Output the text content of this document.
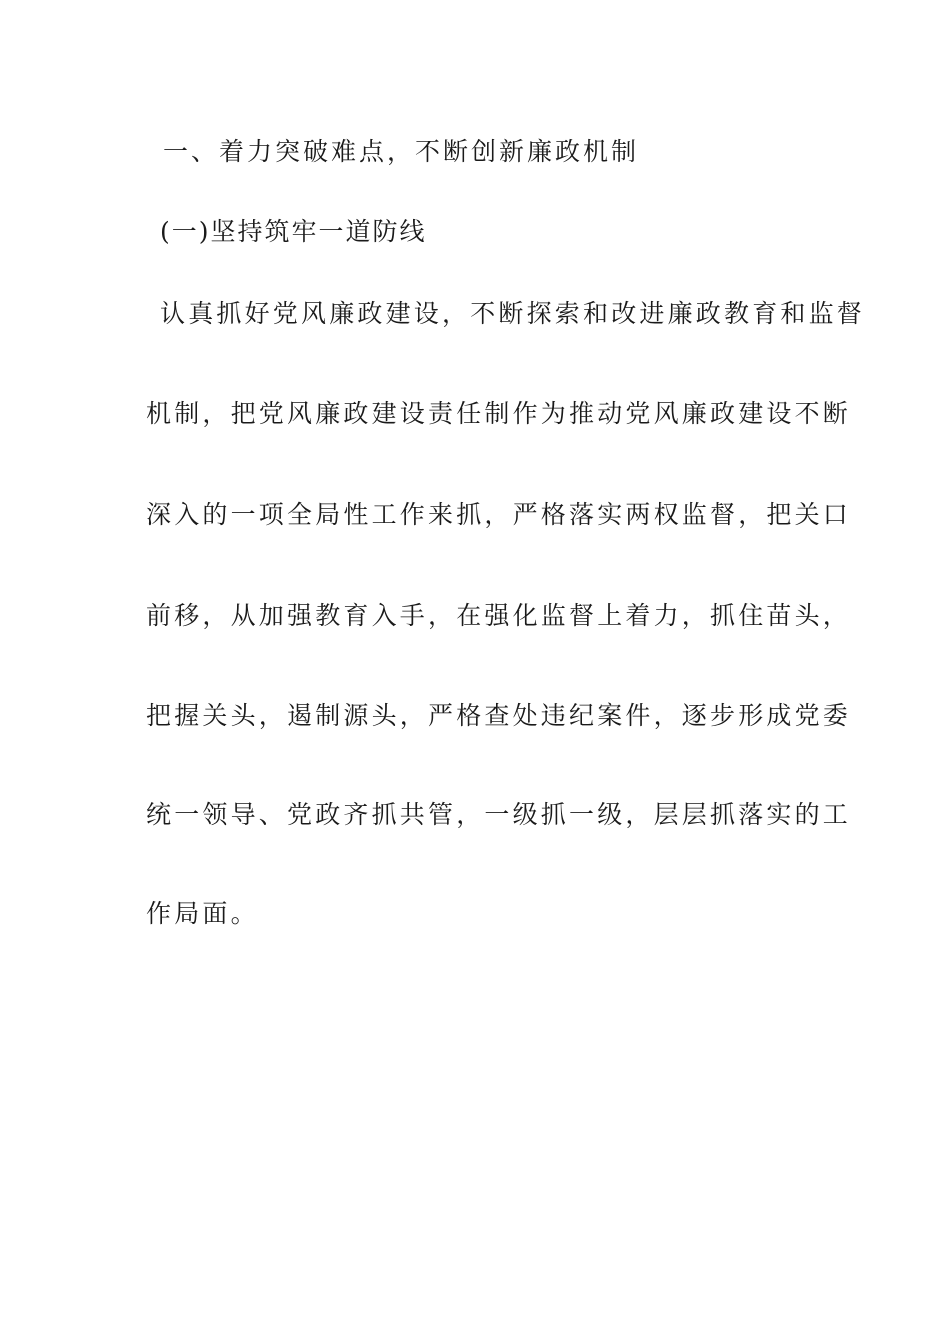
一、着力突破难点，不断创新廉政机制
(一)坚持筑牢一道防线
认真抓好党风廉政建设，不断探索和改进廉政教育和监督
机制，把党风廉政建设责任制作为推动党风廉政建设不断
深入的一项全局性工作来抓，严格落实两权监督，把关口
前移，从加强教育入手，在强化监督上着力，抓住苗头，
把握关头，遏制源头，严格查处违纪案件，逐步形成党委
统一领导、党政齐抓共管，一级抓一级，层层抓落实的工
作局面。
